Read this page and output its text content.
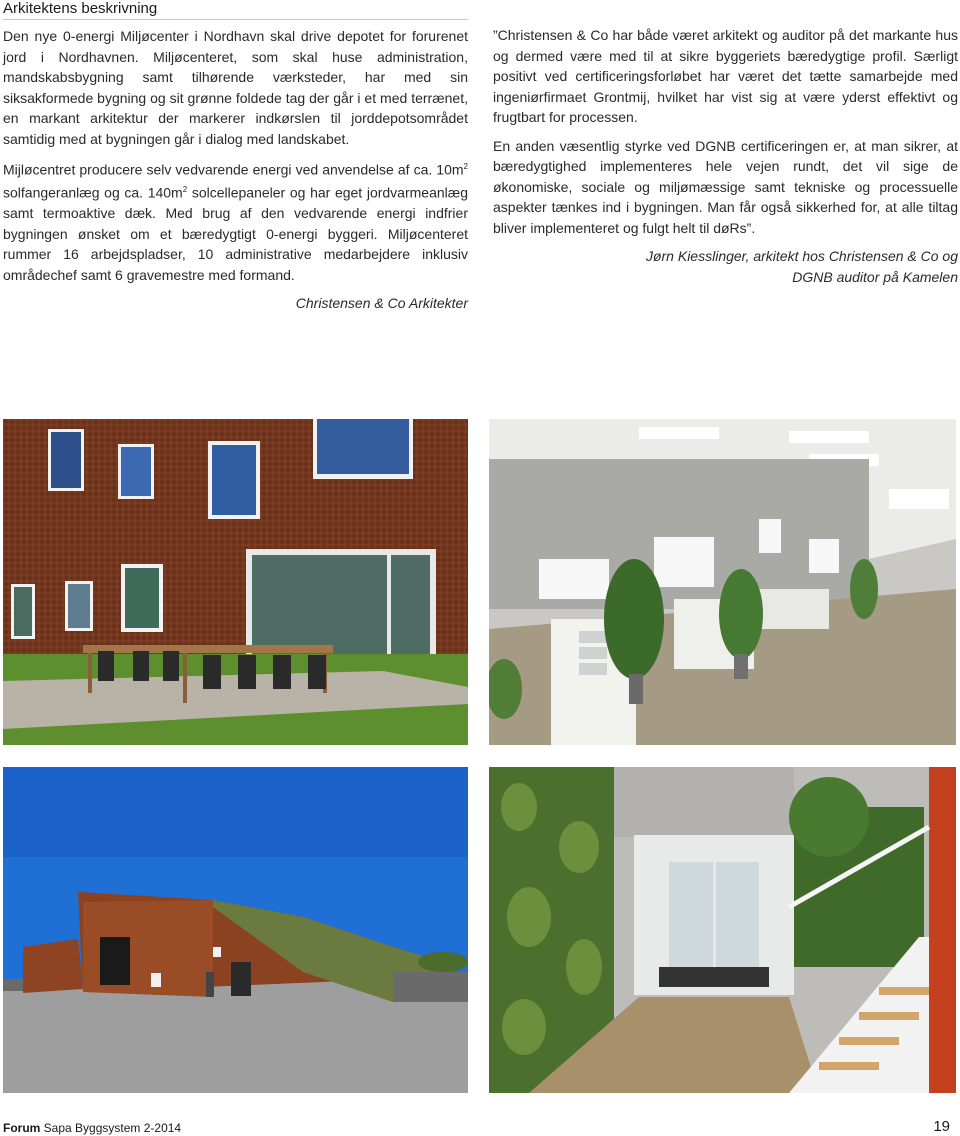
Arkitektens beskrivning

Den nye 0-energi Miljøcenter i Nordhavn skal drive depotet for forurenet jord i Nordhavnen. Miljøcenteret, som skal huse administration, mandskabsbygning samt tilhørende værksteder, har med sin siksakformede bygning og sit grønne foldede tag der går i et med terrænet, en markant arkitektur der markerer indkørslen til jorddepotsområdet samtidig med at bygningen går i dialog med landskabet.

Mijløcentret producere selv vedvarende energi ved anvendelse af ca. $10m^2$ solfangeranlæg og ca. $140m^2$ solcellepaneler og har eget jordvarmeanlæg samt termoaktive dæk. Med brug af den vedvarende energi indfrier bygningen ønsket om et bæredygtigt 0-energi byggeri. Miljøcenteret rummer 16 arbejdspladser, 10 administrative medarbejdere inklusiv områdechef samt 6 gravemestre med formand.

Christensen & Co Arkitekter

”Christensen & Co har både været arkitekt og auditor på det markante hus og dermed være med til at sikre byggeriets bæredygtige profil. Særligt positivt ved certificeringsforløbet har været det tætte samarbejde med ingeniørfirmaet Grontmij, hvilket har vist sig at være yderst effektivt og frugtbart for processen.

En anden væsentlig styrke ved DGNB certificeringen er, at man sikrer, at bæredygtighed implementeres hele vejen rundt, det vil sige de økonomiske, sociale og miljømæssige samt tekniske og processuelle aspekter tænkes ind i bygningen. Man får også sikkerhed for, at alle tiltag bliver implementeret og fulgt helt til døRs”.

Jørn Kiesslinger, arkitekt hos Christensen & Co og

DGNB auditor på Kamelen

Forum Sapa Byggsystem 2-2014	19
